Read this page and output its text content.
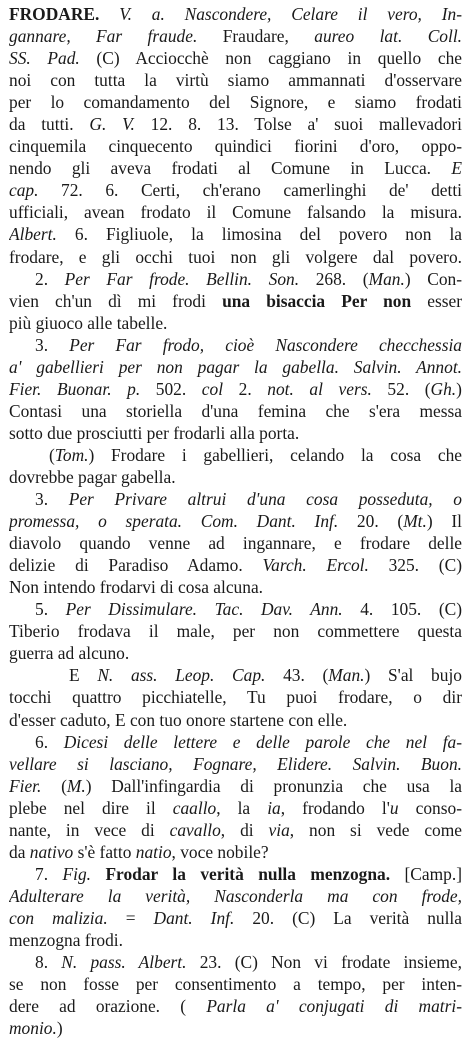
FRODARE. V. a. Nascondere, Celare il vero, In-
gannare, Far fraude. Fraudare, aureo lat. Coll.
SS. Pad. (C) Acciocchè non caggiano in quello che
noi con tutta la virtù siamo ammannati d'osservare
per lo comandamento del Signore, e siamo frodati
da tutti. G. V. 12. 8. 13. Tolse a' suoi mallevadori
cinquemila cinquecento quindici fiorini d'oro, oppo-
nendo gli aveva frodati al Comune in Lucca. E
cap. 72. 6. Certi, ch'erano camerlinghi de' detti
ufficiali, avean frodato il Comune falsando la misura.
Albert. 6. Figliuole, la limosina del povero non la
frodare, e gli occhi tuoi non gli volgere dal povero.
2. Per Far frode. Bellin. Son. 268. (Man.) Con-
vien ch'un dì mi frodi una bisaccia Per non esser
più giuoco alle tabelle.
3. Per Far frodo, cioè Nascondere checchessia
a' gabellieri per non pagar la gabella. Salvin. Annot.
Fier. Buonar. p. 502. col 2. not. al vers. 52. (Gh.)
Contasi una storiella d'una femina che s'era messa
sotto due prosciutti per frodarli alla porta.
(Tom.) Frodare i gabellieri, celando la cosa che
dovrebbe pagar gabella.
3. Per Privare altrui d'una cosa posseduta, o
promessa, o sperata. Com. Dant. Inf. 20. (Mt.) Il
diavolo quando venne ad ingannare, e frodare delle
delizie di Paradiso Adamo. Varch. Ercol. 325. (C)
Non intendo frodarvi di cosa alcuna.
5. Per Dissimulare. Tac. Dav. Ann. 4. 105. (C)
Tiberio frodava il male, per non commettere questa
guerra ad alcuno.
E N. ass. Leop. Cap. 43. (Man.) S'al bujo
tocchi quattro picchiatelle, Tu puoi frodare, o dir
d'esser caduto, E con tuo onore startene con elle.
6. Dicesi delle lettere e delle parole che nel fa-
vellare si lasciano, Fognare, Elidere. Salvin. Buon.
Fier. (M.) Dall'infingardia di pronunzia che usa la
plebe nel dire il caallo, la ia, frodando l'u conso-
nante, in vece di cavallo, di via, non si vede come
da nativo s'è fatto natio, voce nobile?
7. Fig. Frodar la verità nulla menzogna. [Camp.]
Adulterare la verità, Nasconderla ma con frode,
con malizia. = Dant. Inf. 20. (C) La verità nulla
menzogna frodi.
8. N. pass. Albert. 23. (C) Non vi frodate insieme,
se non fosse per consentimento a tempo, per inten-
dere ad orazione. ( Parla a' conjugati di matri-
monio.)
